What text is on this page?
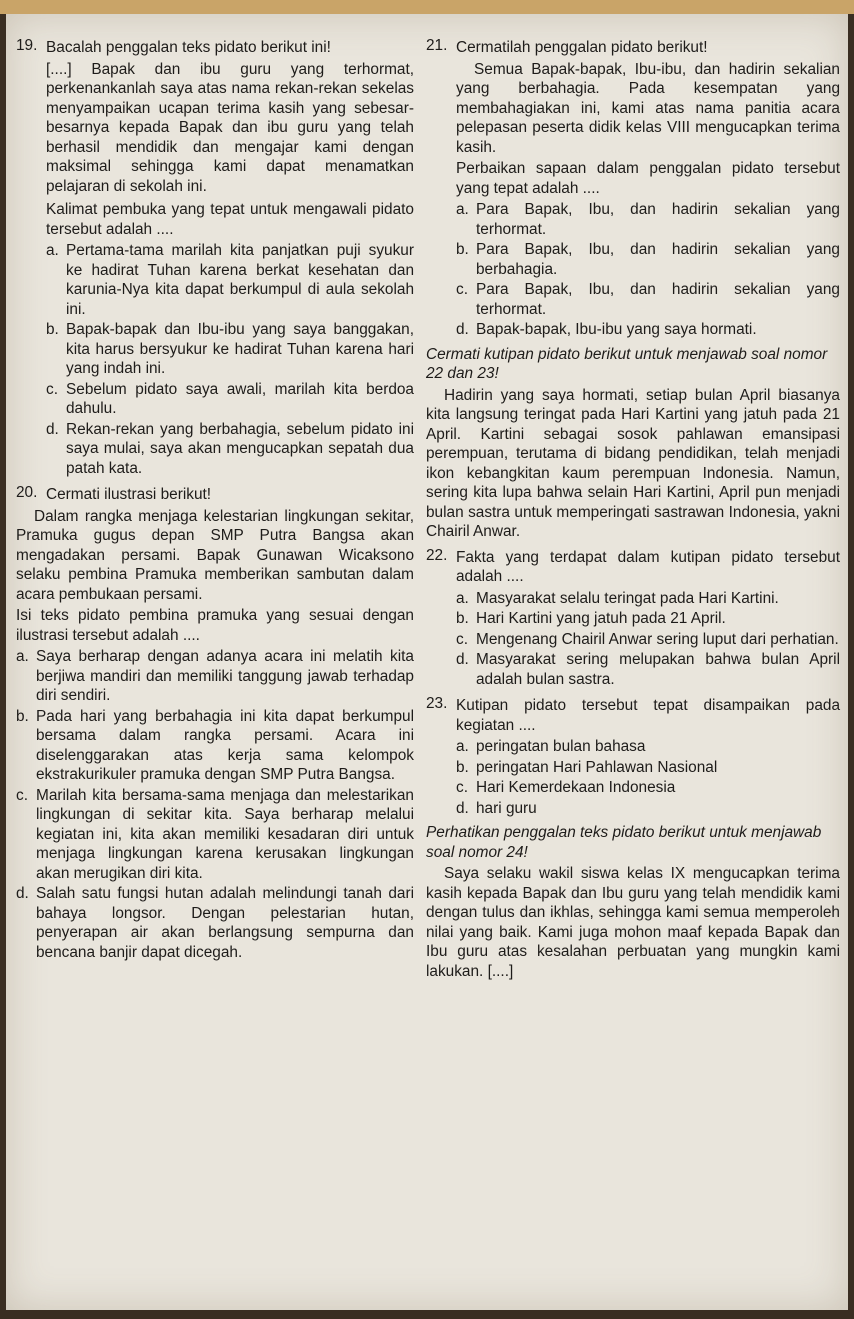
19. Bacalah penggalan teks pidato berikut ini!
[....] Bapak dan ibu guru yang terhormat, perkenankanlah saya atas nama rekan-rekan sekelas menyampaikan ucapan terima kasih yang sebesar-besarnya kepada Bapak dan ibu guru yang telah berhasil mendidik dan mengajar kami dengan maksimal sehingga kami dapat menamatkan pelajaran di sekolah ini.
Kalimat pembuka yang tepat untuk mengawali pidato tersebut adalah ....
a. Pertama-tama marilah kita panjatkan puji syukur ke hadirat Tuhan karena berkat kesehatan dan karunia-Nya kita dapat berkumpul di aula sekolah ini.
b. Bapak-bapak dan Ibu-ibu yang saya banggakan, kita harus bersyukur ke hadirat Tuhan karena hari yang indah ini.
c. Sebelum pidato saya awali, marilah kita berdoa dahulu.
d. Rekan-rekan yang berbahagia, sebelum pidato ini saya mulai, saya akan mengucapkan sepatah dua patah kata.
20. Cermati ilustrasi berikut!
Dalam rangka menjaga kelestarian lingkungan sekitar, Pramuka gugus depan SMP Putra Bangsa akan mengadakan persami. Bapak Gunawan Wicaksono selaku pembina Pramuka memberikan sambutan dalam acara pembukaan persami.
Isi teks pidato pembina pramuka yang sesuai dengan ilustrasi tersebut adalah ....
a. Saya berharap dengan adanya acara ini melatih kita berjiwa mandiri dan memiliki tanggung jawab terhadap diri sendiri.
b. Pada hari yang berbahagia ini kita dapat berkumpul bersama dalam rangka persami. Acara ini diselenggarakan atas kerja sama kelompok ekstrakurikuler pramuka dengan SMP Putra Bangsa.
c. Marilah kita bersama-sama menjaga dan melestarikan lingkungan di sekitar kita. Saya berharap melalui kegiatan ini, kita akan memiliki kesadaran diri untuk menjaga lingkungan karena kerusakan lingkungan akan merugikan diri kita.
d. Salah satu fungsi hutan adalah melindungi tanah dari bahaya longsor. Dengan pelestarian hutan, penyerapan air akan berlangsung sempurna dan bencana banjir dapat dicegah.
21. Cermatilah penggalan pidato berikut!
Semua Bapak-bapak, Ibu-ibu, dan hadirin sekalian yang berbahagia. Pada kesempatan yang membahagiakan ini, kami atas nama panitia acara pelepasan peserta didik kelas VIII mengucapkan terima kasih.
Perbaikan sapaan dalam penggalan pidato tersebut yang tepat adalah ....
a. Para Bapak, Ibu, dan hadirin sekalian yang terhormat.
b. Para Bapak, Ibu, dan hadirin sekalian yang berbahagia.
c. Para Bapak, Ibu, dan hadirin sekalian yang terhormat.
d. Bapak-bapak, Ibu-ibu yang saya hormati.
Cermati kutipan pidato berikut untuk menjawab soal nomor 22 dan 23!
Hadirin yang saya hormati, setiap bulan April biasanya kita langsung teringat pada Hari Kartini yang jatuh pada 21 April. Kartini sebagai sosok pahlawan emansipasi perempuan, terutama di bidang pendidikan, telah menjadi ikon kebangkitan kaum perempuan Indonesia. Namun, sering kita lupa bahwa selain Hari Kartini, April pun menjadi bulan sastra untuk memperingati sastrawan Indonesia, yakni Chairil Anwar.
22. Fakta yang terdapat dalam kutipan pidato tersebut adalah ....
a. Masyarakat selalu teringat pada Hari Kartini.
b. Hari Kartini yang jatuh pada 21 April.
c. Mengenang Chairil Anwar sering luput dari perhatian.
d. Masyarakat sering melupakan bahwa bulan April adalah bulan sastra.
23. Kutipan pidato tersebut tepat disampaikan pada kegiatan ....
a. peringatan bulan bahasa
b. peringatan Hari Pahlawan Nasional
c. Hari Kemerdekaan Indonesia
d. hari guru
Perhatikan penggalan teks pidato berikut untuk menjawab soal nomor 24!
Saya selaku wakil siswa kelas IX mengucapkan terima kasih kepada Bapak dan Ibu guru yang telah mendidik kami dengan tulus dan ikhlas, sehingga kami semua memperoleh nilai yang baik. Kami juga mohon maaf kepada Bapak dan Ibu guru atas kesalahan perbuatan yang mungkin kami lakukan. [....]
